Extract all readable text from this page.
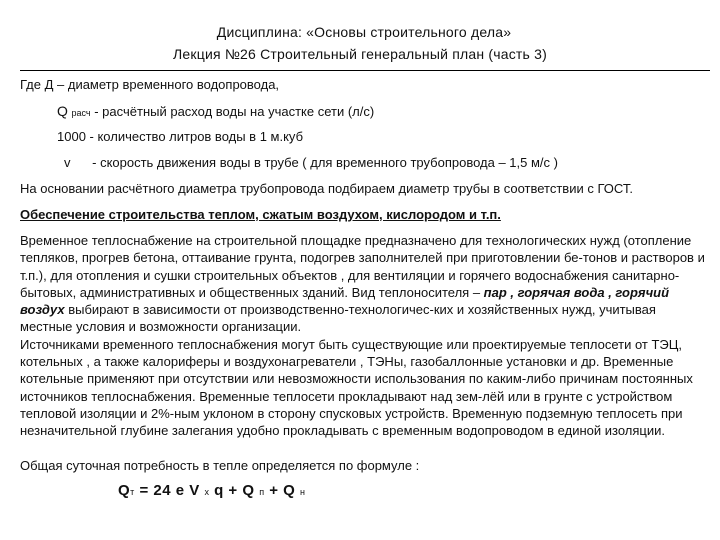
Дисциплина: «Основы строительного дела»
Лекция №26 Строительный генеральный план (часть 3)
Где Д – диаметр временного водопровода,
Q расч - расчётный расход воды на участке сети (л/с)
1000 - количество литров воды в 1 м.куб
v - скорость движения воды в трубе ( для временного трубопровода – 1,5 м/с )
На основании расчётного диаметра трубопровода подбираем диаметр трубы в соответствии с ГОСТ.
Обеспечение строительства теплом, сжатым воздухом, кислородом и т.п.

Временное теплоснабжение на строительной площадке предназначено для технологических нужд (отопление тепляков, прогрев бетона, оттаивание грунта, подогрев заполнителей при приготовлении бе-тонов и растворов и т.п.), для отопления и сушки строительных объектов , для вентиляции и горячего водоснабжения санитарно-бытовых, административных и общественных зданий. Вид теплоносителя – пар , горячая вода , горячий воздух выбирают в зависимости от производственно-технологичес-ких и хозяйственных нужд, учитывая местные условия и возможности организации.
Источниками временного теплоснабжения могут быть существующие или проектируемые теплосети от ТЭЦ, котельных , а также калориферы и воздухонагреватели , ТЭНы, газобаллонные установки и др. Временные котельные применяют при отсутствии или невозможности использования по каким-либо причинам постоянных источников теплоснабжения. Временные теплосети прокладывают над зем-лёй или в грунте с устройством тепловой изоляции и 2%-ным уклоном в сторону спусковых устройств. Временную подземную теплосеть при незначительной глубине залегания удобно прокладывать с временным водопроводом в единой изоляции.

Общая суточная потребность в тепле определяется по формуле :
Qт = 24 е V х q + Q п + Q н
